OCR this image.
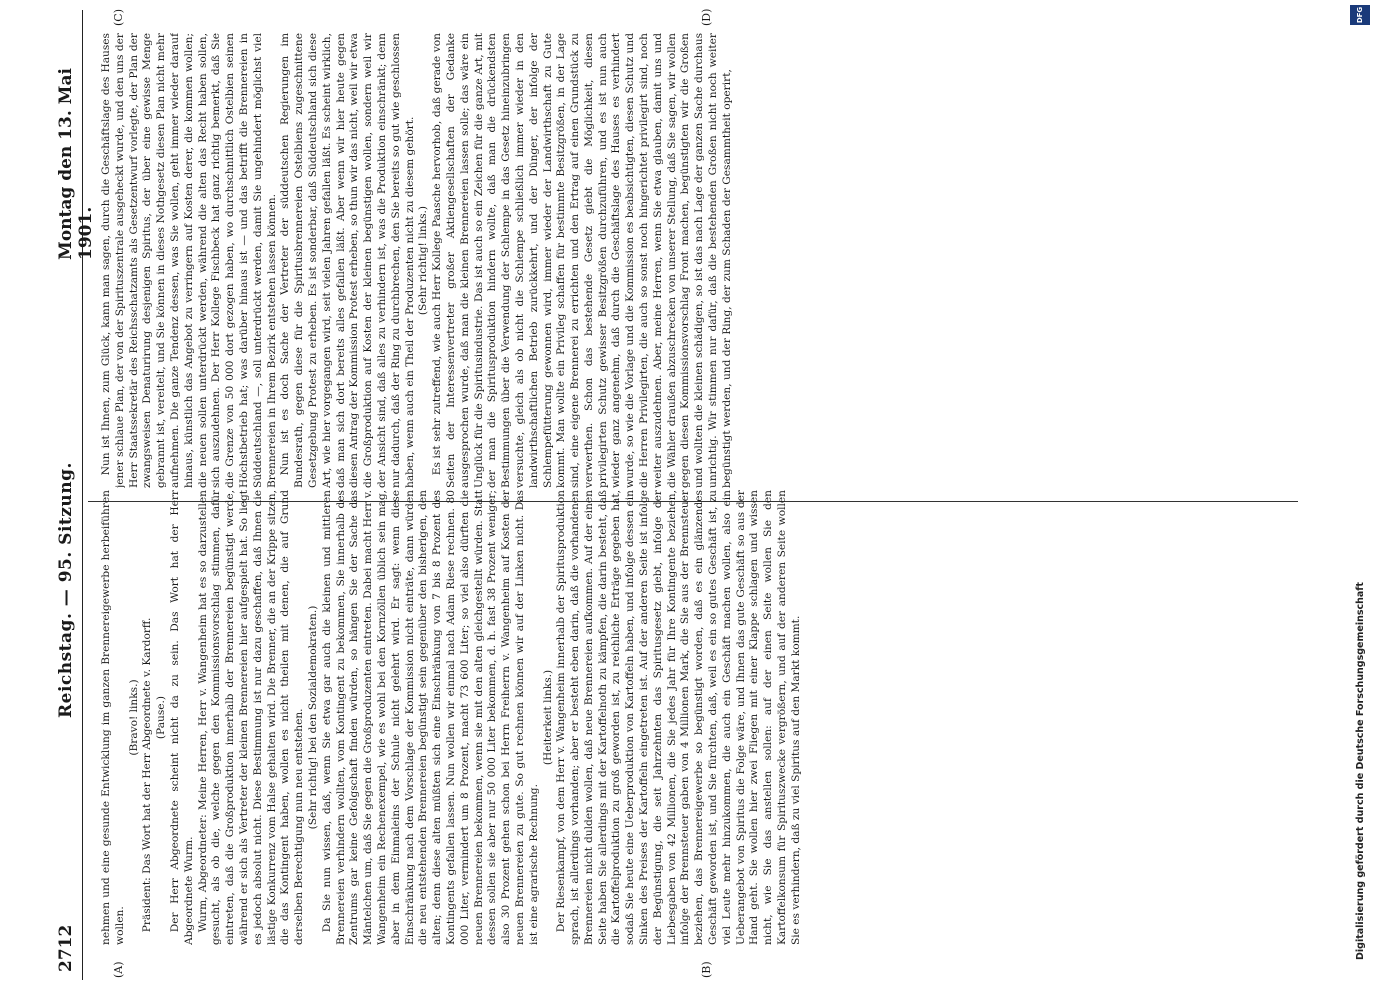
2712
Reichstag. — 95. Sitzung.
Montag den 13. Mai 1901.
(A)	(B)
(C)	(D)

nehmen und eine gesunde Entwicklung im ganzen Brennereigewerbe herbeiführen wollen.

(Bravo! links.) Präsident: Das Wort hat der Herr Abgeordnete v. Kardorff. (Pause.) Der Herr Abgeordnete scheint nicht da zu sein. Das Wort hat der Herr Abgeordnete Wurm. Wurm, Abgeordneter: Meine Herren, Herr v. Wangenheim hat es so darzustellen gesucht, als ob die, welche gegen den Kommissionsvorschlag stimmen, dafür eintreten, daß die Großproduktion innerhalb der Brennereien begünstigt werde, während er sich als Vertreter der kleinen Brennereien hier aufgespielt hat. So liegt es jedoch absolut nicht. Diese Bestimmung ist nur dazu geschaffen, daß Ihnen die lästige Konkurrenz vom Halse gehalten wird. Die Brenner, die an der Krippe sitzen, die das Kontingent haben, wollen es nicht theilen mit denen, die auf Grund derselben Berechtigung nun neu entstehen. (Sehr richtig! bei den Sozialdemokraten.) Da Sie nun wissen, daß, wenn Sie etwa gar auch die kleinen und mittleren Brennereien verhindern wollten, vom Kontingent zu bekommen, Sie innerhalb des Zentrums gar keine Gefolgschaft finden würden, so hängen Sie der Sache das Mäntelchen um, daß Sie gegen die Großproduzenten eintreten. Dabei macht Herr v. Wangenheim ein Rechenexempel, wie es wohl bei den Kornzöllen üblich sein mag, aber in dem Einmaleins der Schule nicht gelehrt wird. Er sagt: wenn diese Einschränkung nach dem Vorschlage der Kommission nicht einträte, dann würden die neu entstehenden Brennereien begünstigt sein gegenüber den bisherigen, den alten; denn diese alten müßten sich eine Einschränkung von 7 bis 8 Prozent des Kontingents gefallen lassen. Nun wollen wir einmal nach Adam Riese rechnen. 80 000 Liter, vermindert um 8 Prozent, macht 73 600 Liter; so viel also dürften die neuen Brennereien bekommen, wenn sie mit den alten gleichgestellt würden. Statt dessen sollen sie aber nur 50 000 Liter bekommen, d. h. fast 38 Prozent weniger; also 30 Prozent gehen schon bei Herrn Freiherrn v. Wangenheim auf Kosten der neuen Brennereien zu gute. So gut rechnen können wir auf der Linken nicht. Das ist eine agrarische Rechnung.

(Heiterkeit links.) Der Riesenkampf, von dem Herr v. Wangenheim innerhalb der Spiritusproduktion sprach, ist allerdings vorhanden; aber er besteht eben darin, daß die vorhandenen Brennereien nicht dulden wollen, daß neue Brennereien aufkommen. Auf der einen Seite haben Sie allerdings mit der Kartoffelnoth zu kämpfen, die darin besteht, daß die Kartoffelproduktion zu groß geworden ist, zu reichliche Erträge gegeben hat, sodaß Sie heute eine Ueberproduktion von Kartoffeln haben, und infolge dessen ein Sinken des Preises der Kartoffeln eingetreten ist. Auf der anderen Seite ist infolge der Begünstigung, die seit Jahrzehnten das Spiritusgesetz giebt, infolge der Liebesgaben von 42 Millionen, die Sie jedes Jahr für Ihre Kontingente beziehen, infolge der Brennsteuer gaben von 4 Millionen Mark, die Sie aus der Brennsteuer beziehen, das Brennereigewerbe so begünstigt worden, daß es ein glänzendes Geschäft geworden ist, und Sie fürchten, daß, weil es ein so gutes Geschäft ist, zu viel Leute mehr hinzukommen, die auch ein Geschäft machen wollen, also ein Ueberangebot von Spiritus die Folge wäre, und Ihnen das gute Geschäft so aus der Hand geht. Sie wollen hier zwei Fliegen mit einer Klappe schlagen und wissen nicht, wie Sie das anstellen sollen: auf der einen Seite wollen Sie den Kartoffelkonsum für Spirituszwecke vergrößern, und auf der anderen Seite wollen Sie es verhindern, daß zu viel Spiritus auf den Markt kommt.

Nun ist Ihnen, zum Glück, kann man sagen, durch die Geschäftslage des Hauses jener schlaue Plan, der von der Spirituszentrale ausgeheckt wurde, und den uns der Herr Staatssekretär des Reichsschatzamts als Gesetzentwurf vorlegte, der Plan der zwangsweisen Denaturirung desjenigen Spiritus, der über eine gewisse Menge gebrannt ist, vereitelt, und Sie können in dieses Nothgesetz diesen Plan nicht mehr aufnehmen. Die ganze Tendenz dessen, was Sie wollen, geht immer wieder darauf hinaus, künstlich das Angebot zu verringern auf Kosten derer, die kommen wollen; die neuen sollen unterdrückt werden, während die alten das Recht haben sollen, sich auszudehnen. Der Herr Kollege Fischbeck hat ganz richtig bemerkt, daß Sie die Grenze von 50 000 dort gezogen haben, wo durchschnittlich Ostelbien seinen Höchstbetrieb hat; was darüber hinaus ist — und das betrifft die Brennereien in Süddeutschland —, soll unterdrückt werden, damit Sie ungehindert möglichst viel Brennereien in Ihrem Bezirk entstehen lassen können. Nun ist es doch Sache der Vertreter der süddeutschen Regierungen im Bundesrath, gegen diese für die Spiritusbrennereien Ostelbiens zugeschnittene Gesetzgebung Protest zu erheben. Es ist sonderbar, daß Süddeutschland sich diese Art, wie hier vorgegangen wird, seit vielen Jahren gefallen läßt. Es scheint wirklich, daß man sich dort bereits alles gefallen läßt. Aber wenn wir hier heute gegen diesen Antrag der Kommission Protest erheben, so thun wir das nicht, weil wir etwa die Großproduktion auf Kosten der kleinen begünstigen wollen, sondern weil wir der Ansicht sind, daß alles zu verhindern ist, was die Produktion einschränkt; denn nur dadurch, daß der Ring zu durchbrechen, den Sie bereits so gut wie geschlossen haben, wenn auch ein Theil der Produzenten nicht zu diesem gehört. (Sehr richtig! links.) Es ist sehr zutreffend, wie auch Herr Kollege Paasche hervorhob, daß gerade von Seiten der Interessenvertreter großer Aktiengesellschaften der Gedanke ausgesprochen wurde, daß man die kleinen Brennereien lassen solle; das wäre ein Unglück für die Spiritusindustrie. Das ist auch so ein Zeichen für die ganze Art, mit der man die Spiritusproduktion hindern wollte, daß man die drückendsten Bestimmungen über die Verwendung der Schlempe in das Gesetz hineinzubringen versuchte, gleich als ob nicht die Schlempe schließlich immer wieder in den landwirthschaftlichen Betrieb zurückkehrt, und der Dünger, der infolge der Schlempefütterung gewonnen wird, immer wieder der Landwirthschaft zu Gute kommt. Man wollte ein Privileg schaffen für bestimmte Besitzgrößen, in der Lage sind, eine eigene Brennerei zu errichten und den Ertrag auf einen Grundstück zu verwerthen. Schon das bestehende Gesetz giebt die Möglichkeit, diesen privilegirten Schutz gewisser Besitzgrößen durchzuführen, und es ist nun auch wieder ganz angenehm, daß durch die Geschäftslage des Hauses es verhindert wurde, so wie die Vorlage und die Kommission es beabsichtigten, diesen Schutz und die Herren Privilegirten, die auch so sonst noch hingerichtet privilegirt sind, noch weiter auszudehnen. Aber, meine Herren, wenn Sie etwa glauben, damit uns und die Wähler draußen abzuschrecken von unserer Stellung, daß Sie sagen, wir wollen gegen diesen Kommissionsvorschlag Front machen, begünstigten wir die Großen und wollten die kleinen schädigen, so ist das nach Lage der ganzen Sache durchaus unrichtig. Wir stimmen nur dafür, daß die bestehenden Großen nicht noch weiter begünstigt werden, und der Ring, der zum Schaden der Gesammtheit operirt,

Digitalisierung gefördert durch die Deutsche Forschungsgemeinschaft
DFG
